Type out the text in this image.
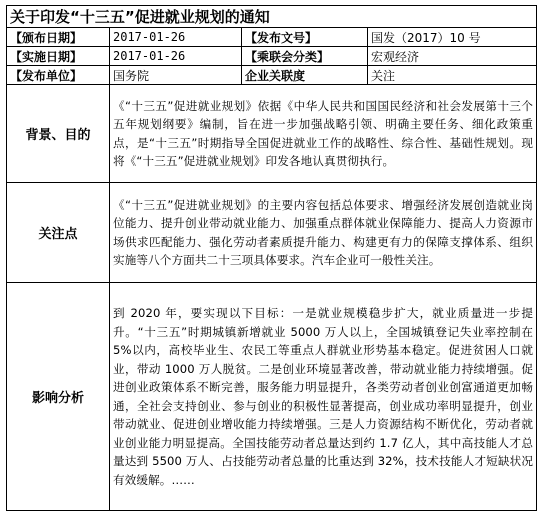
关于印发“十三五”促进就业规划的通知			
【颁布日期】	2017-01-26	【发布文号】	国发（2017）10 号
【实施日期】	2017-01-26	【乘联会分类】	宏观经济
【发布单位】	国务院	企业关联度	关注
背景、目的	《“十三五”促进就业规划》依据《中华人民共和国国民经济和社会发展第十三个五年规划纲要》编制，旨在进一步加强战略引领、明确主要任务、细化政策重点，是“十三五”时期指导全国促进就业工作的战略性、综合性、基础性规划。现将《“十三五”促进就业规划》印发各地认真贯彻执行。		
关注点	《“十三五”促进就业规划》的主要内容包括总体要求、增强经济发展创造就业岗位能力、提升创业带动就业能力、加强重点群体就业保障能力、提高人力资源市场供求匹配能力、强化劳动者素质提升能力、构建更有力的保障支撑体系、组织实施等八个方面共二十三项具体要求。汽车企业可一般性关注。		
影响分析	到 2020 年，要实现以下目标：一是就业规模稳步扩大，就业质量进一步提升。“十三五”时期城镇新增就业 5000 万人以上，全国城镇登记失业率控制在 5%以内，高校毕业生、农民工等重点人群就业形势基本稳定。促进贫困人口就业，带动 1000 万人脱贫。二是创业环境显著改善，带动就业能力持续增强。促进创业政策体系不断完善，服务能力明显提升，各类劳动者创业创富通道更加畅通，全社会支持创业、参与创业的积极性显著提高，创业成功率明显提升，创业带动就业、促进创业增收能力持续增强。三是人力资源结构不断优化，劳动者就业创业能力明显提高。全国技能劳动者总量达到约 1.7 亿人，其中高技能人才总量达到 5500 万人、占技能劳动者总量的比重达到 32%，技术技能人才短缺状况有效缓解。……		
